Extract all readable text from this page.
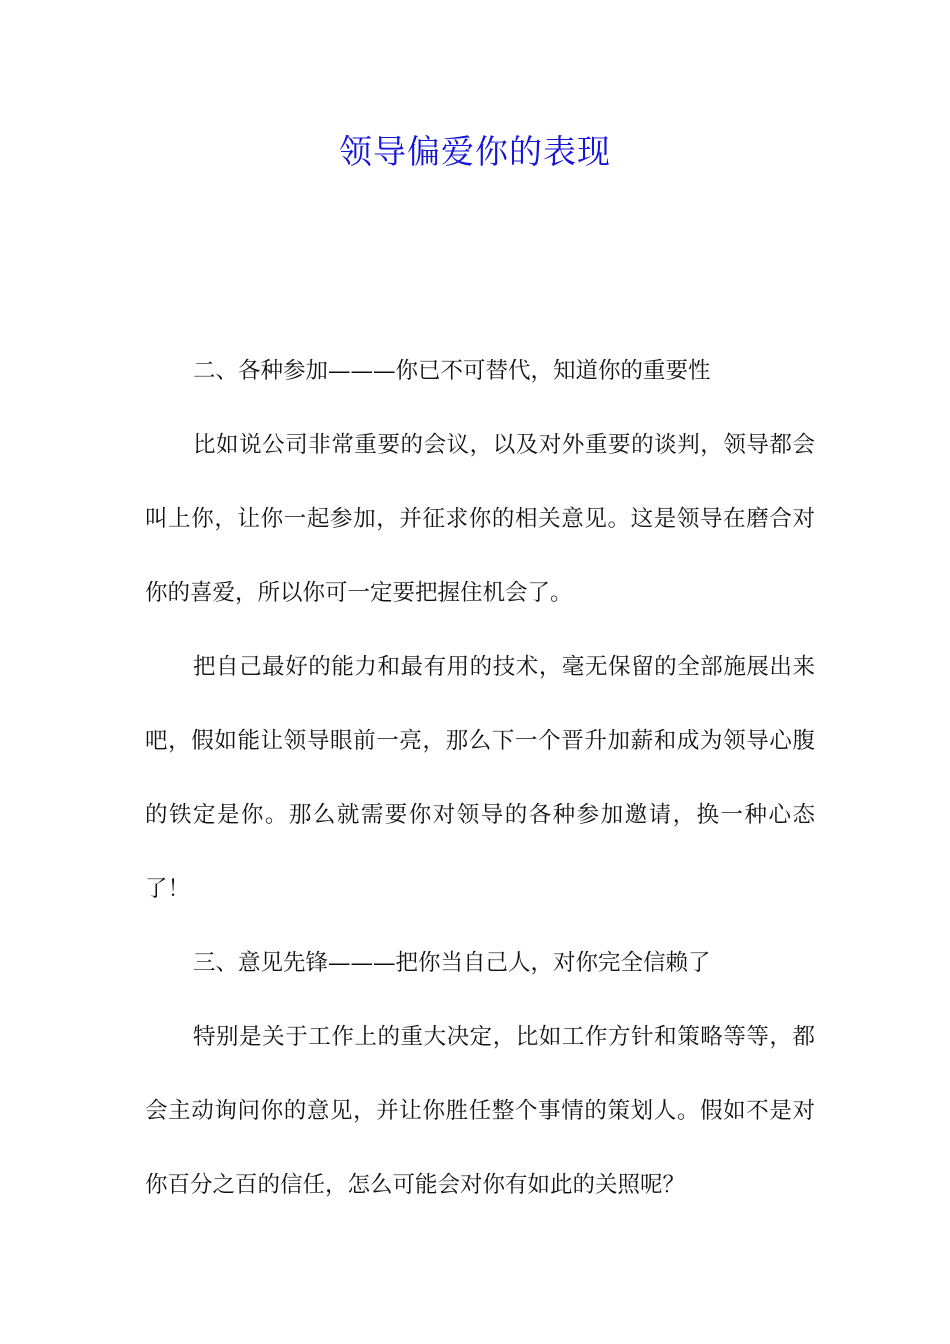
领导偏爱你的表现

二、各种参加———你已不可替代，知道你的重要性

比如说公司非常重要的会议，以及对外重要的谈判，领导都会叫上你，让你一起参加，并征求你的相关意见。这是领导在磨合对你的喜爱，所以你可一定要把握住机会了。

把自己最好的能力和最有用的技术，毫无保留的全部施展出来吧，假如能让领导眼前一亮，那么下一个晋升加薪和成为领导心腹的铁定是你。那么就需要你对领导的各种参加邀请，换一种心态了！

三、意见先锋———把你当自己人，对你完全信赖了

特别是关于工作上的重大决定，比如工作方针和策略等等，都会主动询问你的意见，并让你胜任整个事情的策划人。假如不是对你百分之百的信任，怎么可能会对你有如此的关照呢？
